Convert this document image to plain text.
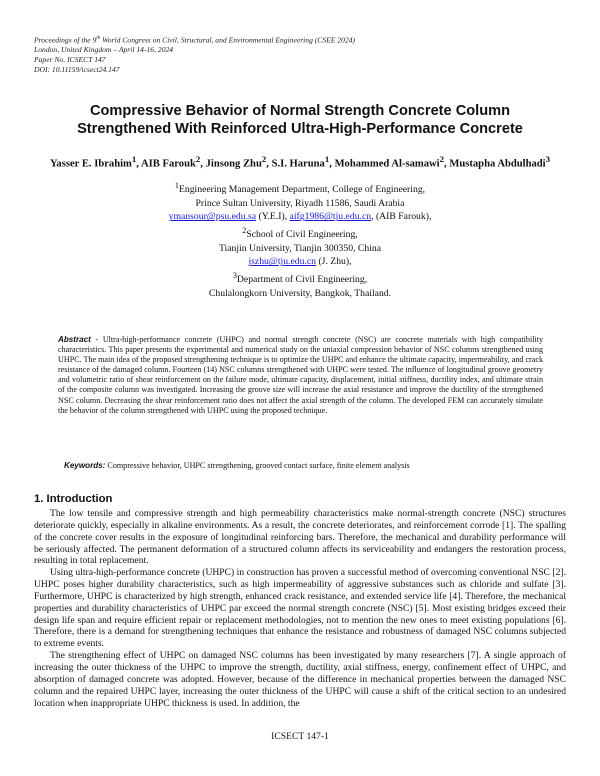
Proceedings of the 9th World Congress on Civil, Structural, and Environmental Engineering (CSEE 2024)
London, United Kingdom – April 14-16, 2024
Paper No. ICSECT 147
DOI: 10.11159/icsect24.147
Compressive Behavior of Normal Strength Concrete Column
Strengthened With Reinforced Ultra-High-Performance Concrete
Yasser E. Ibrahim$^1$, AIB Farouk$^2$, Jinsong Zhu$^2$, S.I. Haruna$^1$, Mohammed Al-samawi$^2$, Mustapha Abdulhadi$^3$
$^1$Engineering Management Department, College of Engineering,
Prince Sultan University, Riyadh 11586, Saudi Arabia
ymansour@psu.edu.sa (Y.E.I), aifg1986@tju.edu.cn, (AIB Farouk),
$^2$School of Civil Engineering,
Tianjin University, Tianjin 300350, China
jszhu@tju.edu.cn (J. Zhu),
$^3$Department of Civil Engineering,
Chulalongkorn University, Bangkok, Thailand.
Abstract - Ultra-high-performance concrete (UHPC) and normal strength concrete (NSC) are concrete materials with high compatibility characteristics. This paper presents the experimental and numerical study on the uniaxial compression behavior of NSC columns strengthened using UHPC. The main idea of the proposed strengthening technique is to optimize the UHPC and enhance the ultimate capacity, impermeability, and crack resistance of the damaged column. Fourteen (14) NSC columns strengthened with UHPC were tested. The influence of longitudinal groove geometry and volumetric ratio of shear reinforcement on the failure mode, ultimate capacity, displacement, initial stiffness, ductility index, and ultimate strain of the composite column was investigated. Increasing the groove size will increase the axial resistance and improve the ductility of the strengthened NSC column. Decreasing the shear reinforcement ratio does not affect the axial strength of the column. The developed FEM can accurately simulate the behavior of the column strengthened with UHPC using the proposed technique.
Keywords: Compressive behavior, UHPC strengthening, grooved contact surface, finite element analysis
1. Introduction

The low tensile and compressive strength and high permeability characteristics make normal-strength concrete (NSC) structures deteriorate quickly, especially in alkaline environments. As a result, the concrete deteriorates, and reinforcement corrode [1]. The spalling of the concrete cover results in the exposure of longitudinal reinforcing bars. Therefore, the mechanical and durability performance will be seriously affected. The permanent deformation of a structured column affects its serviceability and endangers the restoration process, resulting in total replacement.

Using ultra-high-performance concrete (UHPC) in construction has proven a successful method of overcoming conventional NSC [2]. UHPC poses higher durability characteristics, such as high impermeability of aggressive substances such as chloride and sulfate [3]. Furthermore, UHPC is characterized by high strength, enhanced crack resistance, and extended service life [4]. Therefore, the mechanical properties and durability characteristics of UHPC par exceed the normal strength concrete (NSC) [5]. Most existing bridges exceed their design life span and require efficient repair or replacement methodologies, not to mention the new ones to meet existing populations [6]. Therefore, there is a demand for strengthening techniques that enhance the resistance and robustness of damaged NSC columns subjected to extreme events.

The strengthening effect of UHPC on damaged NSC columns has been investigated by many researchers [7]. A single approach of increasing the outer thickness of the UHPC to improve the strength, ductility, axial stiffness, energy, confinement effect of UHPC, and absorption of damaged concrete was adopted. However, because of the difference in mechanical properties between the damaged NSC column and the repaired UHPC layer, increasing the outer thickness of the UHPC will cause a shift of the critical section to an undesired location when inappropriate UHPC thickness is used. In addition, the

ICSECT 147-1
